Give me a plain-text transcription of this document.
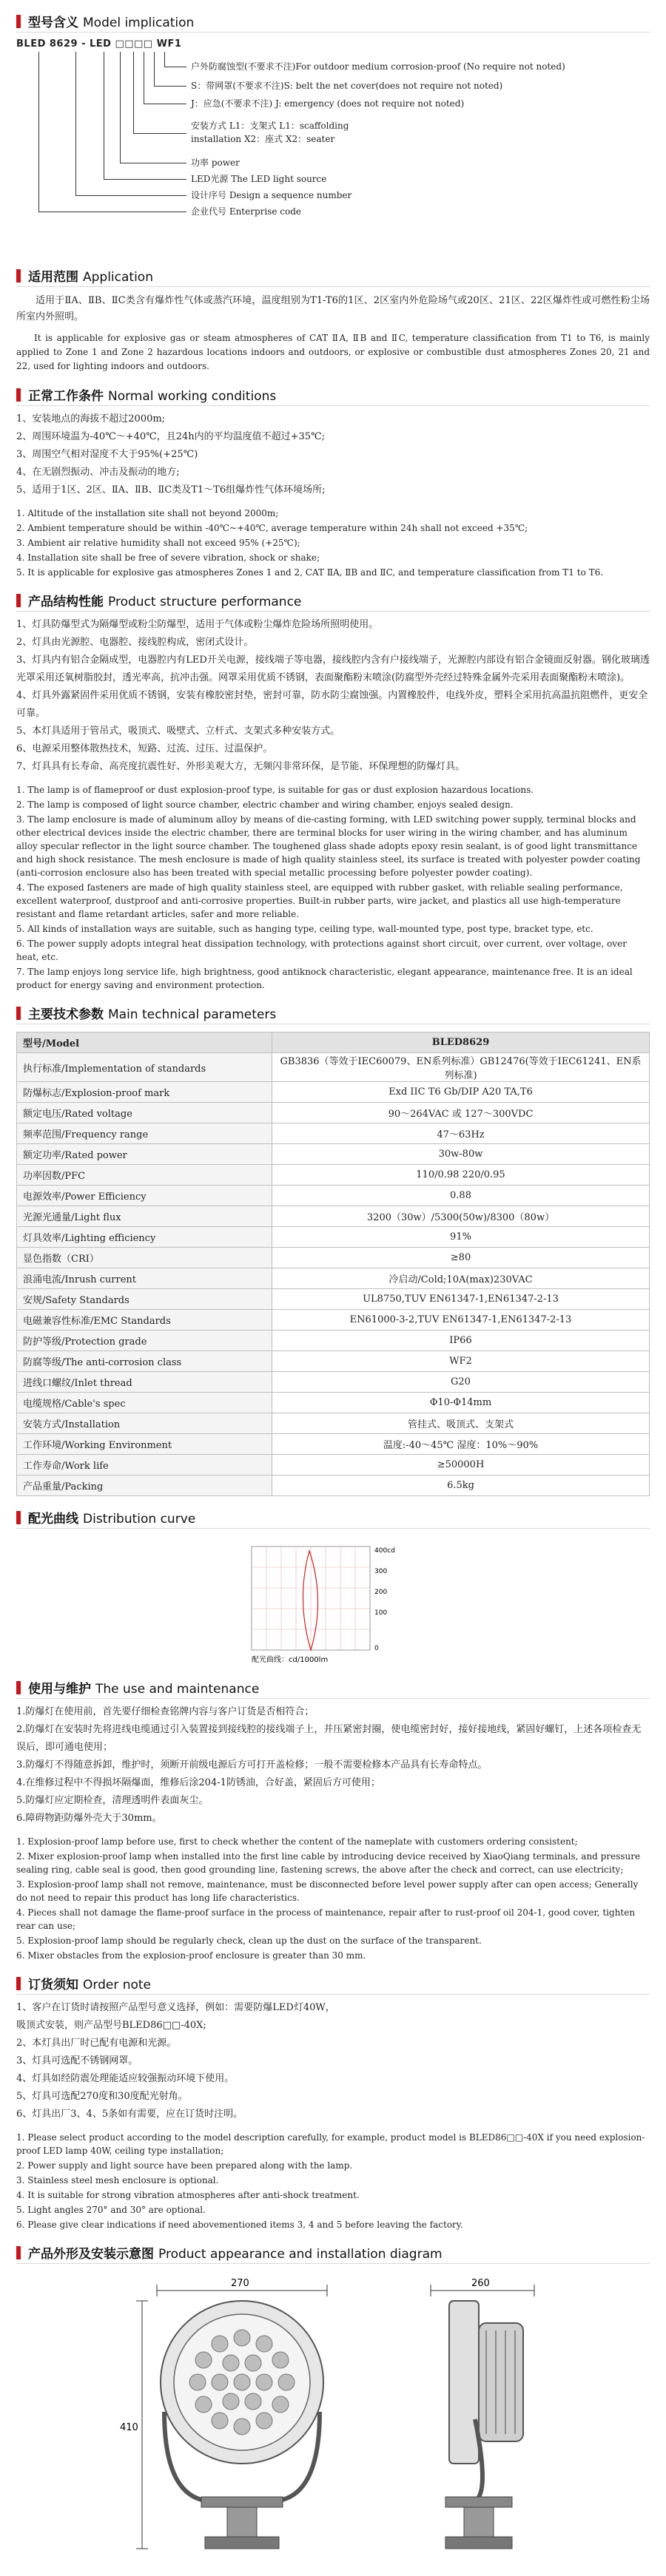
型号含义 Model implication
BLED 8629 - LED □□□□ WF1
户外防腐蚀型(不要求不注)For outdoor medium corrosion-proof (No require not noted)
S：带网罩(不要求不注)S: belt the net cover(does not require not noted)
J：应急(不要求不注) J: emergency (does not require not noted)
安装方式 L1：支架式 L1：scaffolding
installation X2：座式 X2：seater
功率 power
LED光源 The LED light source
设计序号 Design a sequence number
企业代号 Enterprise code
适用范围 Application

适用于ⅡA、ⅡB、ⅡC类含有爆炸性气体或蒸汽环境，温度组别为T1-T6的1区、2区室内外危险场气或20区、21区、22区爆炸性或可燃性粉尘场所室内外照明。

It is applicable for explosive gas or steam atmospheres of CAT ⅡA, ⅡB and ⅡC, temperature classification from T1 to T6, is mainly applied to Zone 1 and Zone 2 hazardous locations indoors and outdoors, or explosive or combustible dust atmospheres Zones 20, 21 and 22, used for lighting indoors and outdoors.

正常工作条件 Normal working conditions
1、安装地点的海拔不超过2000m;
2、周围环境温为-40℃～+40℃，且24h内的平均温度值不超过+35℃;
3、周围空气相对湿度不大于95%(+25℃)
4、在无剧烈振动、冲击及振动的地方;
5、适用于1区、2区、ⅡA、ⅡB、ⅡC类及T1～T6组爆炸性气体环境场所;
1. Altitude of the installation site shall not beyond 2000m;
2. Ambient temperature should be within -40℃~+40℃, average temperature within 24h shall not exceed +35℃;
3. Ambient air relative humidity shall not exceed 95% (+25℃);
4. Installation site shall be free of severe vibration, shock or shake;
5. It is applicable for explosive gas atmospheres Zones 1 and 2, CAT ⅡA, ⅡB and ⅡC, and temperature classification from T1 to T6.
产品结构性能 Product structure performance
1、灯具防爆型式为隔爆型或粉尘防爆型，适用于气体或粉尘爆炸危险场所照明使用。
2、灯具由光源腔、电器腔、接线腔构成，密闭式设计。
3、灯具内有铝合金隔成型，电器腔内有LED开关电源，接线端子等电器，接线腔内含有户接线端子，光源腔内部设有铝合金镜面反射器。钢化玻璃透光罩采用还氧树脂胶封，透光率高，抗冲击强。网罩采用优质不锈钢，表面聚酯粉末喷涂(防腐型外壳经过特殊金属外壳采用表面聚酯粉末喷涂)。
4、灯具外露紧固件采用优质不锈钢，安装有橡胶密封垫，密封可靠，防水防尘腐蚀强。内置橡胶件，电线外皮，塑料全采用抗高温抗阻燃件，更安全可靠。
5、本灯具适用于管吊式，吸顶式、吸壁式、立杆式、支架式多种安装方式。
6、电源采用整体散热技术，短路、过流、过压、过温保护。
7、灯具具有长寿命、高亮度抗震性好、外形美观大方，无频闪非常环保，是节能、环保理想的防爆灯具。
1. The lamp is of flameproof or dust explosion-proof type, is suitable for gas or dust explosion hazardous locations.
2. The lamp is composed of light source chamber, electric chamber and wiring chamber, enjoys sealed design.
3. The lamp enclosure is made of aluminum alloy by means of die-casting forming, with LED switching power supply, terminal blocks and other electrical devices inside the electric chamber, there are terminal blocks for user wiring in the wiring chamber, and has aluminum alloy specular reflector in the light source chamber. The toughened glass shade adopts epoxy resin sealant, is of good light transmittance and high shock resistance. The mesh enclosure is made of high quality stainless steel, its surface is treated with polyester powder coating (anti-corrosion enclosure also has been treated with special metallic processing before polyester powder coating).
4. The exposed fasteners are made of high quality stainless steel, are equipped with rubber gasket, with reliable sealing performance, excellent waterproof, dustproof and anti-corrosive properties. Built-in rubber parts, wire jacket, and plastics all use high-temperature resistant and flame retardant articles, safer and more reliable.
5. All kinds of installation ways are suitable, such as hanging type, ceiling type, wall-mounted type, post type, bracket type, etc.
6. The power supply adopts integral heat dissipation technology, with protections against short circuit, over current, over voltage, over heat, etc.
7. The lamp enjoys long service life, high brightness, good antiknock characteristic, elegant appearance, maintenance free. It is an ideal product for energy saving and environment protection.
主要技术参数 Main technical parameters
型号/Model	BLED8629
执行标准/Implementation of standards	GB3836（等效于IEC60079、EN系列标准）GB12476(等效于IEC61241、EN系列标准)
防爆标志/Explosion-proof mark	Exd IIC T6 Gb/DIP A20 TA,T6
额定电压/Rated voltage	90～264VAC 或 127～300VDC
频率范围/Frequency range	47～63Hz
额定功率/Rated power	30w-80w
功率因数/PFC	110/0.98 220/0.95
电源效率/Power Efficiency	0.88
光源光通量/Light flux	3200（30w）/5300(50w)/8300（80w）
灯具效率/Lighting efficiency	91%
显色指数（CRI）	≥80
浪涌电流/Inrush current	冷启动/Cold;10A(max)230VAC
安规/Safety Standards	UL8750,TUV EN61347-1,EN61347-2-13
电磁兼容性标准/EMC Standards	EN61000-3-2,TUV EN61347-1,EN61347-2-13
防护等级/Protection grade	IP66
防腐等级/The anti-corrosion class	WF2
进线口螺纹/Inlet thread	G20
电缆规格/Cable's spec	Φ10-Φ14mm
安装方式/Installation	管挂式、吸顶式、支架式
工作环境/Working Environment	温度:-40～45℃ 湿度：10%～90%
工作寿命/Work life	≥50000H
产品重量/Packing	6.5kg
配光曲线 Distribution curve
400cd
300
200
100
0
配光曲线：cd/1000lm
使用与维护 The use and maintenance
1.防爆灯在使用前，首先要仔细检查铭牌内容与客户订货是否相符合；
2.防爆灯在安装时先将进线电缆通过引入装置接到接线腔的接线端子上，并压紧密封圈，使电缆密封好，接好接地线，紧固好螺钉，上述各项检查无误后，即可通电使用；
3.防爆灯不得随意拆卸，维护时，须断开前级电源后方可打开盖检修；一般不需要检修本产品具有长寿命特点。
4.在维修过程中不得损坏隔爆面，维修后涂204-1防锈油，合好盖，紧固后方可使用；
5.防爆灯应定期检查，清理透明件表面灰尘。
6.障碍物距防爆外壳大于30mm。
1. Explosion-proof lamp before use, first to check whether the content of the nameplate with customers ordering consistent;
2. Mixer explosion-proof lamp when installed into the first line cable by introducing device received by XiaoQiang terminals, and pressure sealing ring, cable seal is good, then good grounding line, fastening screws, the above after the check and correct, can use electricity;
3. Explosion-proof lamp shall not remove, maintenance, must be disconnected before level power supply after can open access; Generally do not need to repair this product has long life characteristics.
4. Pieces shall not damage the flame-proof surface in the process of maintenance, repair after to rust-proof oil 204-1, good cover, tighten rear can use;
5. Explosion-proof lamp should be regularly check, clean up the dust on the surface of the transparent.
6. Mixer obstacles from the explosion-proof enclosure is greater than 30 mm.
订货须知 Order note
1、客户在订货时请按照产品型号意义选择，例如：需要防爆LED灯40W，
吸顶式安装，则产品型号BLED86□□-40X;
2、本灯具出厂时已配有电源和光源。
3、灯具可选配不锈钢网罩。
4、灯具如经防震处理能适应较强振动环境下使用。
5、灯具可选配270度和30度配光射角。
6、灯具出厂3、4、5条如有需要，应在订货时注明。
1. Please select product according to the model description carefully, for example, product model is BLED86□□-40X if you need explosion-proof LED lamp 40W, ceiling type installation;
2. Power supply and light source have been prepared along with the lamp.
3. Stainless steel mesh enclosure is optional.
4. It is suitable for strong vibration atmospheres after anti-shock treatment.
5. Light angles 270° and 30° are optional.
6. Please give clear indications if need abovementioned items 3, 4 and 5 before leaving the factory.
产品外形及安装示意图 Product appearance and installation diagram
270
410
260
